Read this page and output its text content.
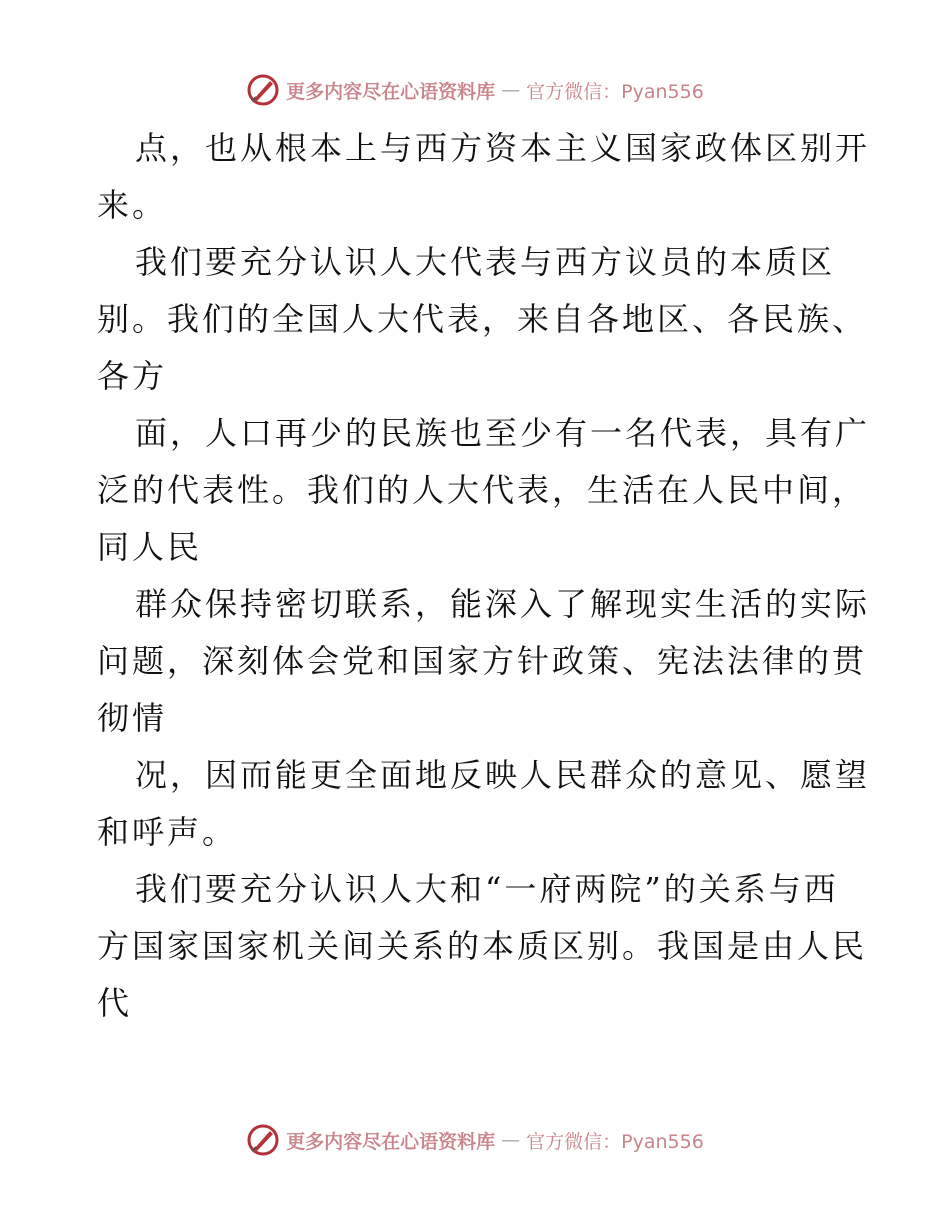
更多内容尽在心语资料库 — 官方微信：Pyan556
点，也从根本上与西方资本主义国家政体区别开
来。
我们要充分认识人大代表与西方议员的本质区
别。我们的全国人大代表，来自各地区、各民族、
各方
面，人口再少的民族也至少有一名代表，具有广
泛的代表性。我们的人大代表，生活在人民中间，
同人民
群众保持密切联系，能深入了解现实生活的实际
问题，深刻体会党和国家方针政策、宪法法律的贯
彻情
况，因而能更全面地反映人民群众的意见、愿望
和呼声。
我们要充分认识人大和“一府两院”的关系与西
方国家国家机关间关系的本质区别。我国是由人民
代
更多内容尽在心语资料库 — 官方微信：Pyan556
